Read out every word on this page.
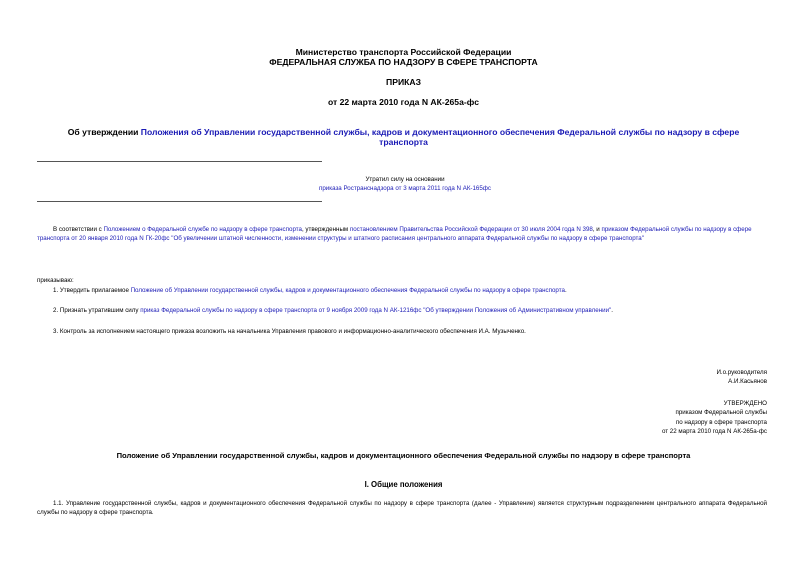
Министерство транспорта Российской Федерации
ФЕДЕРАЛЬНАЯ СЛУЖБА ПО НАДЗОРУ В СФЕРЕ ТРАНСПОРТА
ПРИКАЗ
от 22 марта 2010 года N АК-265а-фс
Об утверждении Положения об Управлении государственной службы, кадров и документационного обеспечения Федеральной службы по надзору в сфере
транспорта
Утратил силу на основании
приказа Ространснадзора от 3 марта 2011 года N АК-165фс
В соответствии с Положением о Федеральной службе по надзору в сфере транспорта, утвержденным постановлением Правительства Российской Федерации от 30 июля 2004 года N 398, и приказом Федеральной службы по надзору в сфере транспорта от 20 января 2010 года N ГК-20фс "Об увеличении штатной численности, изменении структуры и штатного расписания центрального аппарата Федеральной службы по надзору в сфере транспорта"
приказываю:
1. Утвердить прилагаемое Положение об Управлении государственной службы, кадров и документационного обеспечения Федеральной службы по надзору в сфере транспорта.
2. Признать утратившим силу приказ Федеральной службы по надзору в сфере транспорта от 9 ноября 2009 года N АК-1216фс "Об утверждении Положения об Административном управлении".
3. Контроль за исполнением настоящего приказа возложить на начальника Управления правового и информационно-аналитического обеспечения И.А. Музыченко.
И.о.руководителя
А.И.Касьянов
УТВЕРЖДЕНО
приказом Федеральной службы
по надзору в сфере транспорта
от 22 марта 2010 года N АК-265а-фс
Положение об Управлении государственной службы, кадров и документационного обеспечения Федеральной службы по надзору в сфере транспорта
I. Общие положения
1.1. Управление государственной службы, кадров и документационного обеспечения Федеральной службы по надзору в сфере транспорта (далее - Управление) является структурным подразделением центрального аппарата Федеральной службы по надзору в сфере транспорта.
